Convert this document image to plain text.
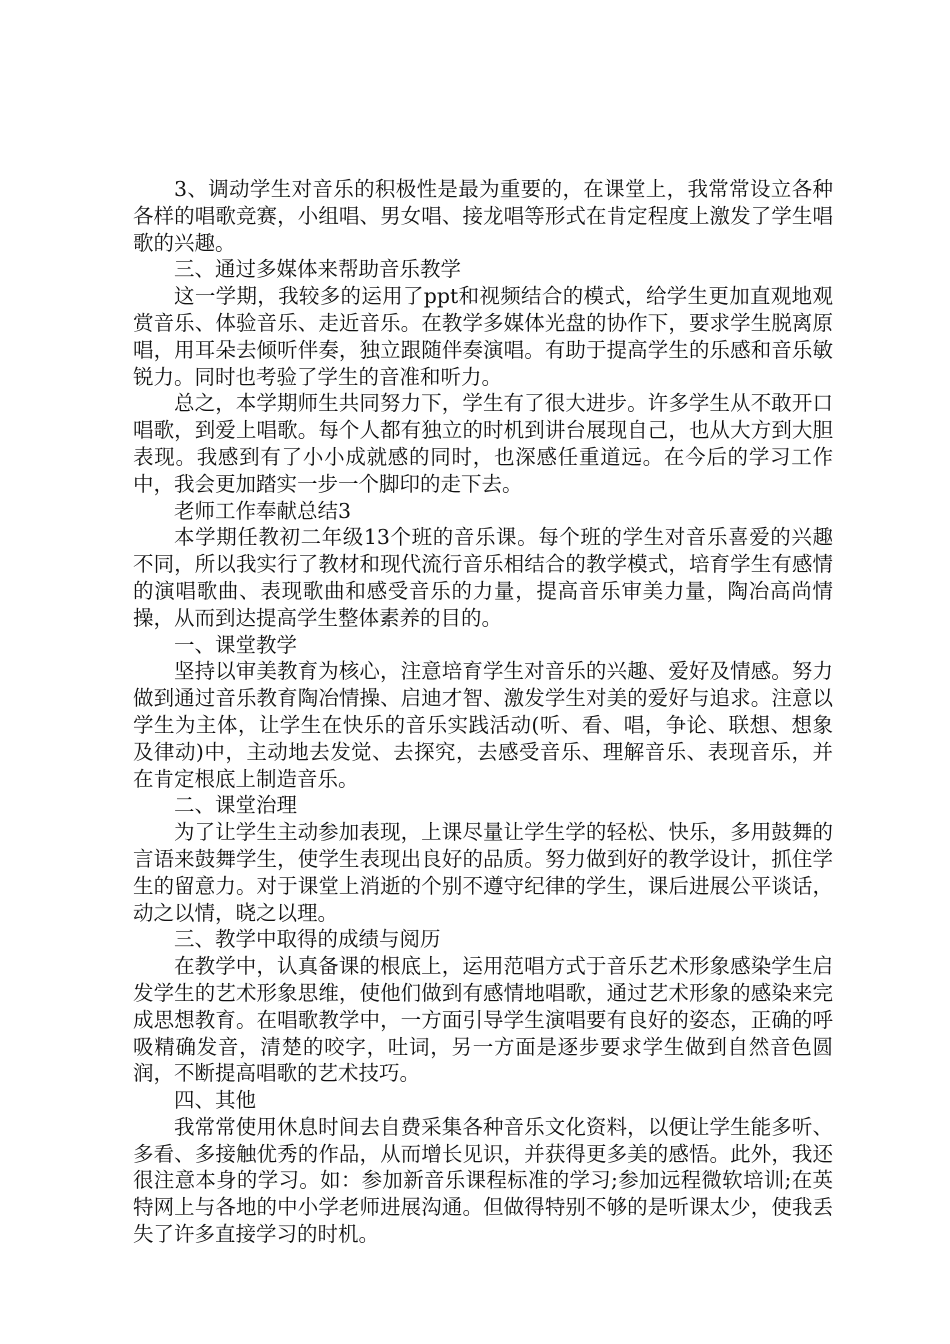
3、调动学生对音乐的积极性是最为重要的，在课堂上，我常常设立各种各样的唱歌竞赛，小组唱、男女唱、接龙唱等形式在肯定程度上激发了学生唱歌的兴趣。

三、通过多媒体来帮助音乐教学

这一学期，我较多的运用了ppt和视频结合的模式，给学生更加直观地观赏音乐、体验音乐、走近音乐。在教学多媒体光盘的协作下，要求学生脱离原唱，用耳朵去倾听伴奏，独立跟随伴奏演唱。有助于提高学生的乐感和音乐敏锐力。同时也考验了学生的音准和听力。

总之，本学期师生共同努力下，学生有了很大进步。许多学生从不敢开口唱歌，到爱上唱歌。每个人都有独立的时机到讲台展现自己，也从大方到大胆表现。我感到有了小小成就感的同时，也深感任重道远。在今后的学习工作中，我会更加踏实一步一个脚印的走下去。

老师工作奉献总结3

本学期任教初二年级13个班的音乐课。每个班的学生对音乐喜爱的兴趣不同，所以我实行了教材和现代流行音乐相结合的教学模式，培育学生有感情的演唱歌曲、表现歌曲和感受音乐的力量，提高音乐审美力量，陶冶高尚情操，从而到达提高学生整体素养的目的。

一、课堂教学

坚持以审美教育为核心，注意培育学生对音乐的兴趣、爱好及情感。努力做到通过音乐教育陶冶情操、启迪才智、激发学生对美的爱好与追求。注意以学生为主体，让学生在快乐的音乐实践活动(听、看、唱，争论、联想、想象及律动)中，主动地去发觉、去探究，去感受音乐、理解音乐、表现音乐，并在肯定根底上制造音乐。

二、课堂治理

为了让学生主动参加表现，上课尽量让学生学的轻松、快乐，多用鼓舞的言语来鼓舞学生，使学生表现出良好的品质。努力做到好的教学设计，抓住学生的留意力。对于课堂上消逝的个别不遵守纪律的学生，课后进展公平谈话，动之以情，晓之以理。

三、教学中取得的成绩与阅历

在教学中，认真备课的根底上，运用范唱方式于音乐艺术形象感染学生启发学生的艺术形象思维，使他们做到有感情地唱歌，通过艺术形象的感染来完成思想教育。在唱歌教学中，一方面引导学生演唱要有良好的姿态，正确的呼吸精确发音，清楚的咬字，吐词，另一方面是逐步要求学生做到自然音色圆润，不断提高唱歌的艺术技巧。

四、其他

我常常使用休息时间去自费采集各种音乐文化资料，以便让学生能多听、多看、多接触优秀的作品，从而增长见识，并获得更多美的感悟。此外，我还很注意本身的学习。如：参加新音乐课程标准的学习;参加远程微软培训;在英特网上与各地的中小学老师进展沟通。但做得特别不够的是听课太少，使我丢失了许多直接学习的时机。
